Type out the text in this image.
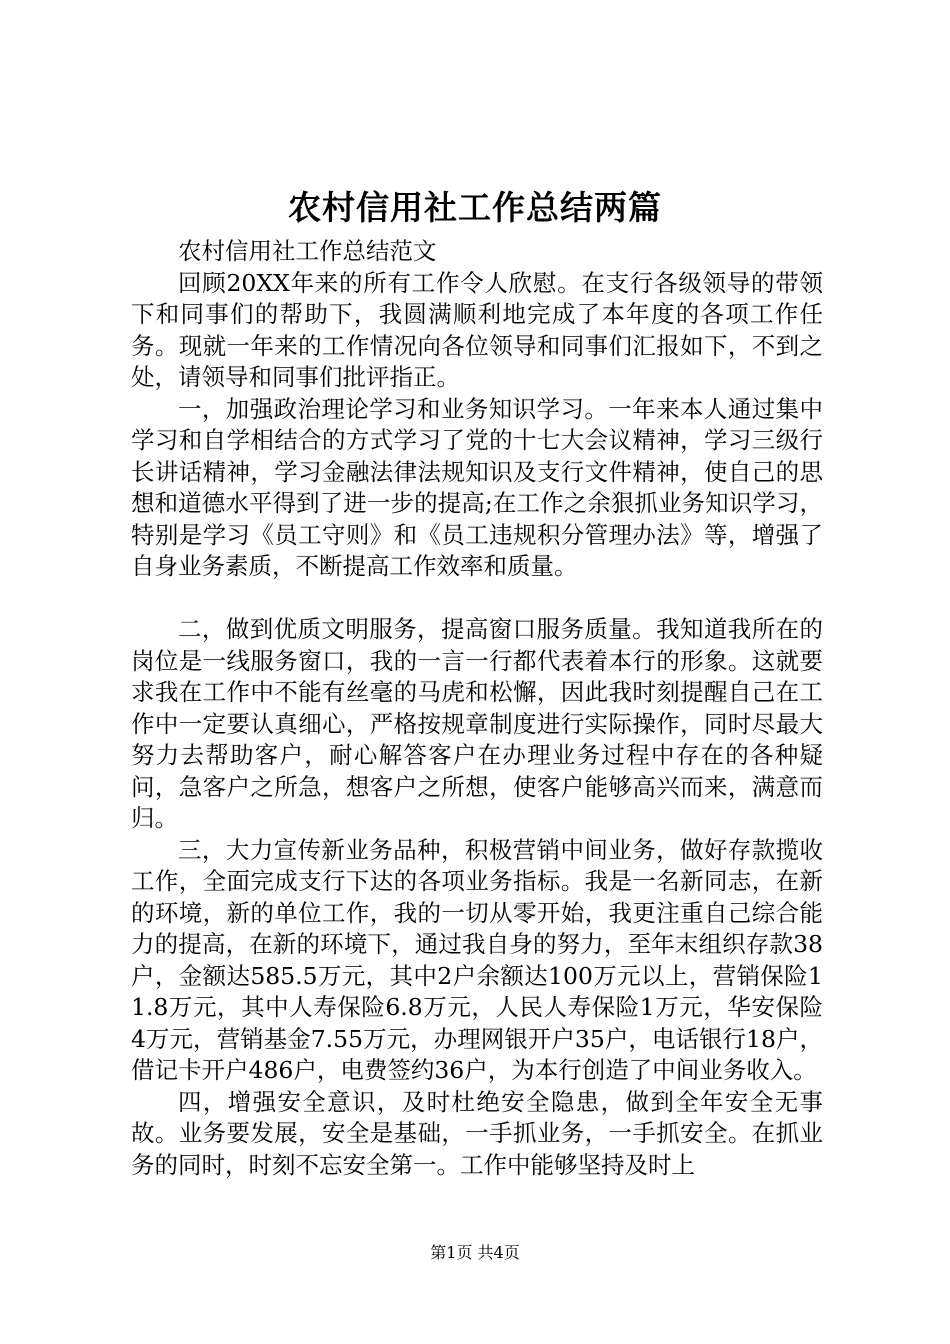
农村信用社工作总结两篇

农村信用社工作总结范文

回顾20XX年来的所有工作令人欣慰。在支行各级领导的带领下和同事们的帮助下，我圆满顺利地完成了本年度的各项工作任务。现就一年来的工作情况向各位领导和同事们汇报如下，不到之处，请领导和同事们批评指正。

一，加强政治理论学习和业务知识学习。一年来本人通过集中学习和自学相结合的方式学习了党的十七大会议精神，学习三级行长讲话精神，学习金融法律法规知识及支行文件精神，使自己的思想和道德水平得到了进一步的提高;在工作之余狠抓业务知识学习，特别是学习《员工守则》和《员工违规积分管理办法》等，增强了自身业务素质，不断提高工作效率和质量。

二，做到优质文明服务，提高窗口服务质量。我知道我所在的岗位是一线服务窗口，我的一言一行都代表着本行的形象。这就要求我在工作中不能有丝毫的马虎和松懈，因此我时刻提醒自己在工作中一定要认真细心，严格按规章制度进行实际操作，同时尽最大努力去帮助客户，耐心解答客户在办理业务过程中存在的各种疑问，急客户之所急，想客户之所想，使客户能够高兴而来，满意而归。

三，大力宣传新业务品种，积极营销中间业务，做好存款揽收工作，全面完成支行下达的各项业务指标。我是一名新同志，在新的环境，新的单位工作，我的一切从零开始，我更注重自己综合能力的提高，在新的环境下，通过我自身的努力，至年末组织存款38户，金额达585.5万元，其中2户余额达100万元以上，营销保险11.8万元，其中人寿保险6.8万元，人民人寿保险1万元，华安保险4万元，营销基金7.55万元，办理网银开户35户，电话银行18户，借记卡开户486户，电费签约36户，为本行创造了中间业务收入。

四，增强安全意识，及时杜绝安全隐患，做到全年安全无事故。业务要发展，安全是基础，一手抓业务，一手抓安全。在抓业务的同时，时刻不忘安全第一。工作中能够坚持及时上

第1页 共4页
